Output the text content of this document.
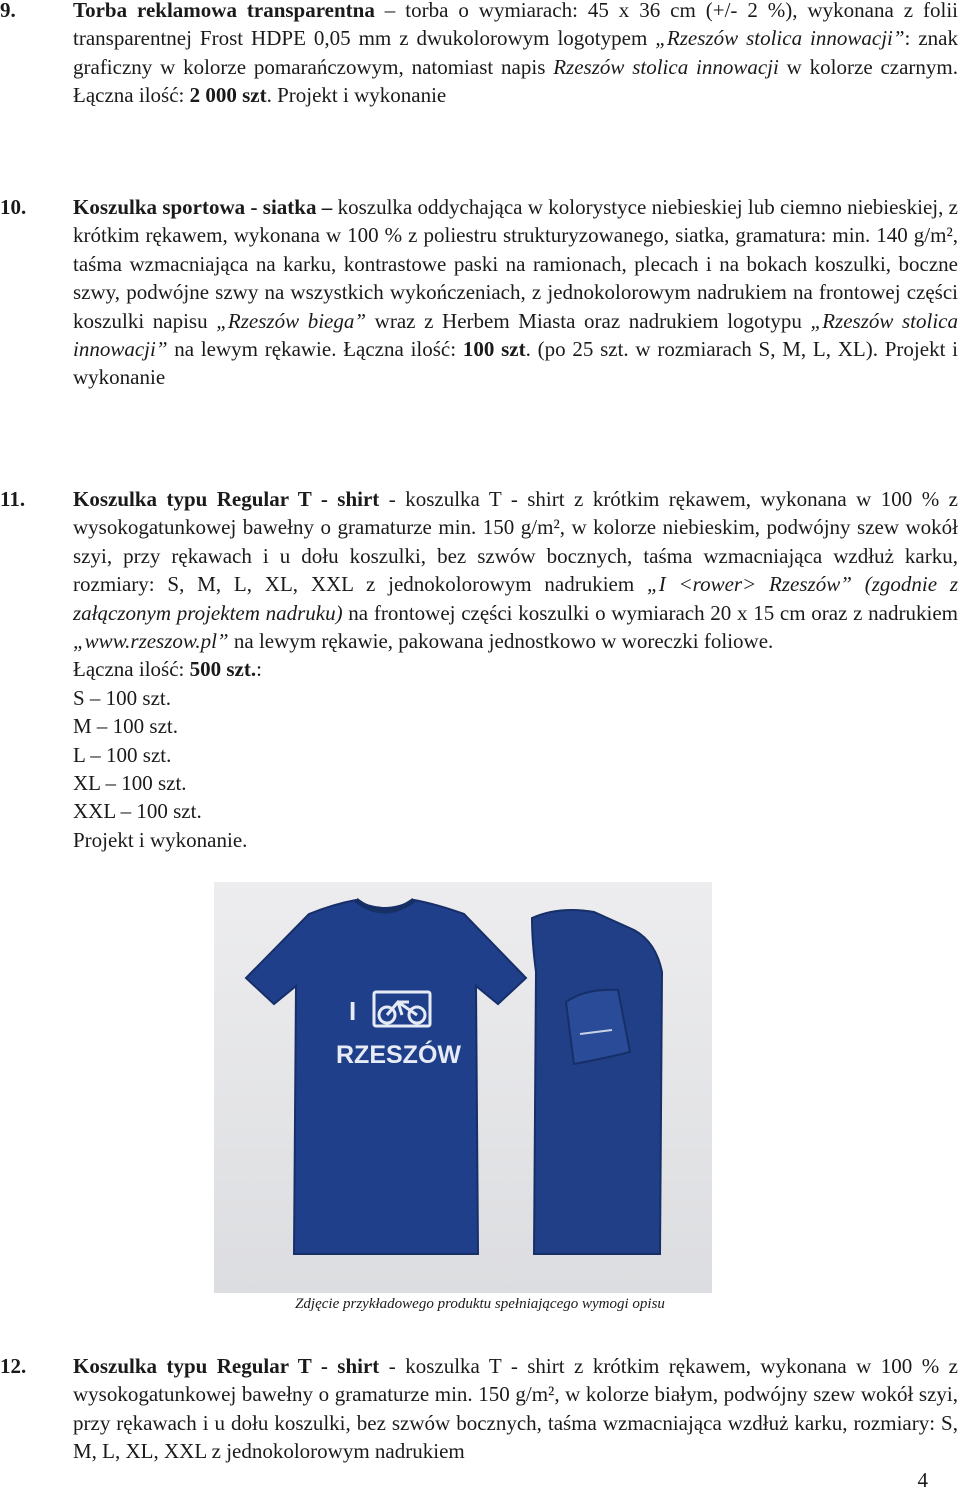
9.	Torba reklamowa transparentna – torba o wymiarach: 45 x 36 cm (+/- 2 %), wykonana z folii transparentnej Frost HDPE 0,05 mm z dwukolorowym logotypem „Rzeszów stolica innowacji”: znak graficzny w kolorze pomarańczowym, natomiast napis Rzeszów stolica innowacji w kolorze czarnym. Łączna ilość: 2 000 szt. Projekt i wykonanie
10. Koszulka sportowa - siatka – koszulka oddychająca w kolorystyce niebieskiej lub ciemno niebieskiej, z krótkim rękawem, wykonana w 100 % z poliestru strukturyzowanego, siatka, gramatura: min. 140 g/m², taśma wzmacniająca na karku, kontrastowe paski na ramionach, plecach i na bokach koszulki, boczne szwy, podwójne szwy na wszystkich wykończeniach, z jednokolorowym nadrukiem na frontowej części koszulki napisu „Rzeszów biega” wraz z Herbem Miasta oraz nadrukiem logotypu „Rzeszów stolica innowacji” na lewym rękawie. Łączna ilość: 100 szt. (po 25 szt. w rozmiarach S, M, L, XL). Projekt i wykonanie
11. Koszulka typu Regular T - shirt - koszulka T - shirt z krótkim rękawem, wykonana w 100 % z wysokogatunkowej bawełny o gramaturze min. 150 g/m², w kolorze niebieskim, podwójny szew wokół szyi, przy rękawach i u dołu koszulki, bez szwów bocznych, taśma wzmacniająca wzdłuż karku, rozmiary: S, M, L, XL, XXL z jednokolorowym nadrukiem „I <rower> Rzeszów” (zgodnie z załączonym projektem nadruku) na frontowej części koszulki o wymiarach 20 x 15 cm oraz z nadrukiem „www.rzeszow.pl” na lewym rękawie, pakowana jednostkowo w woreczki foliowe.

Łączna ilość: 500 szt.:

S – 100 szt.

M – 100 szt.

L – 100 szt.

XL – 100 szt.

XXL – 100 szt.

Projekt i wykonanie.

I
RZESZÓW
Zdjęcie przykładowego produktu spełniającego wymogi opisu
12. Koszulka typu Regular T - shirt - koszulka T - shirt z krótkim rękawem, wykonana w 100 % z wysokogatunkowej bawełny o gramaturze min. 150 g/m², w kolorze białym, podwójny szew wokół szyi, przy rękawach i u dołu koszulki, bez szwów bocznych, taśma wzmacniająca wzdłuż karku, rozmiary: S, M, L, XL, XXL z jednokolorowym nadrukiem
4
